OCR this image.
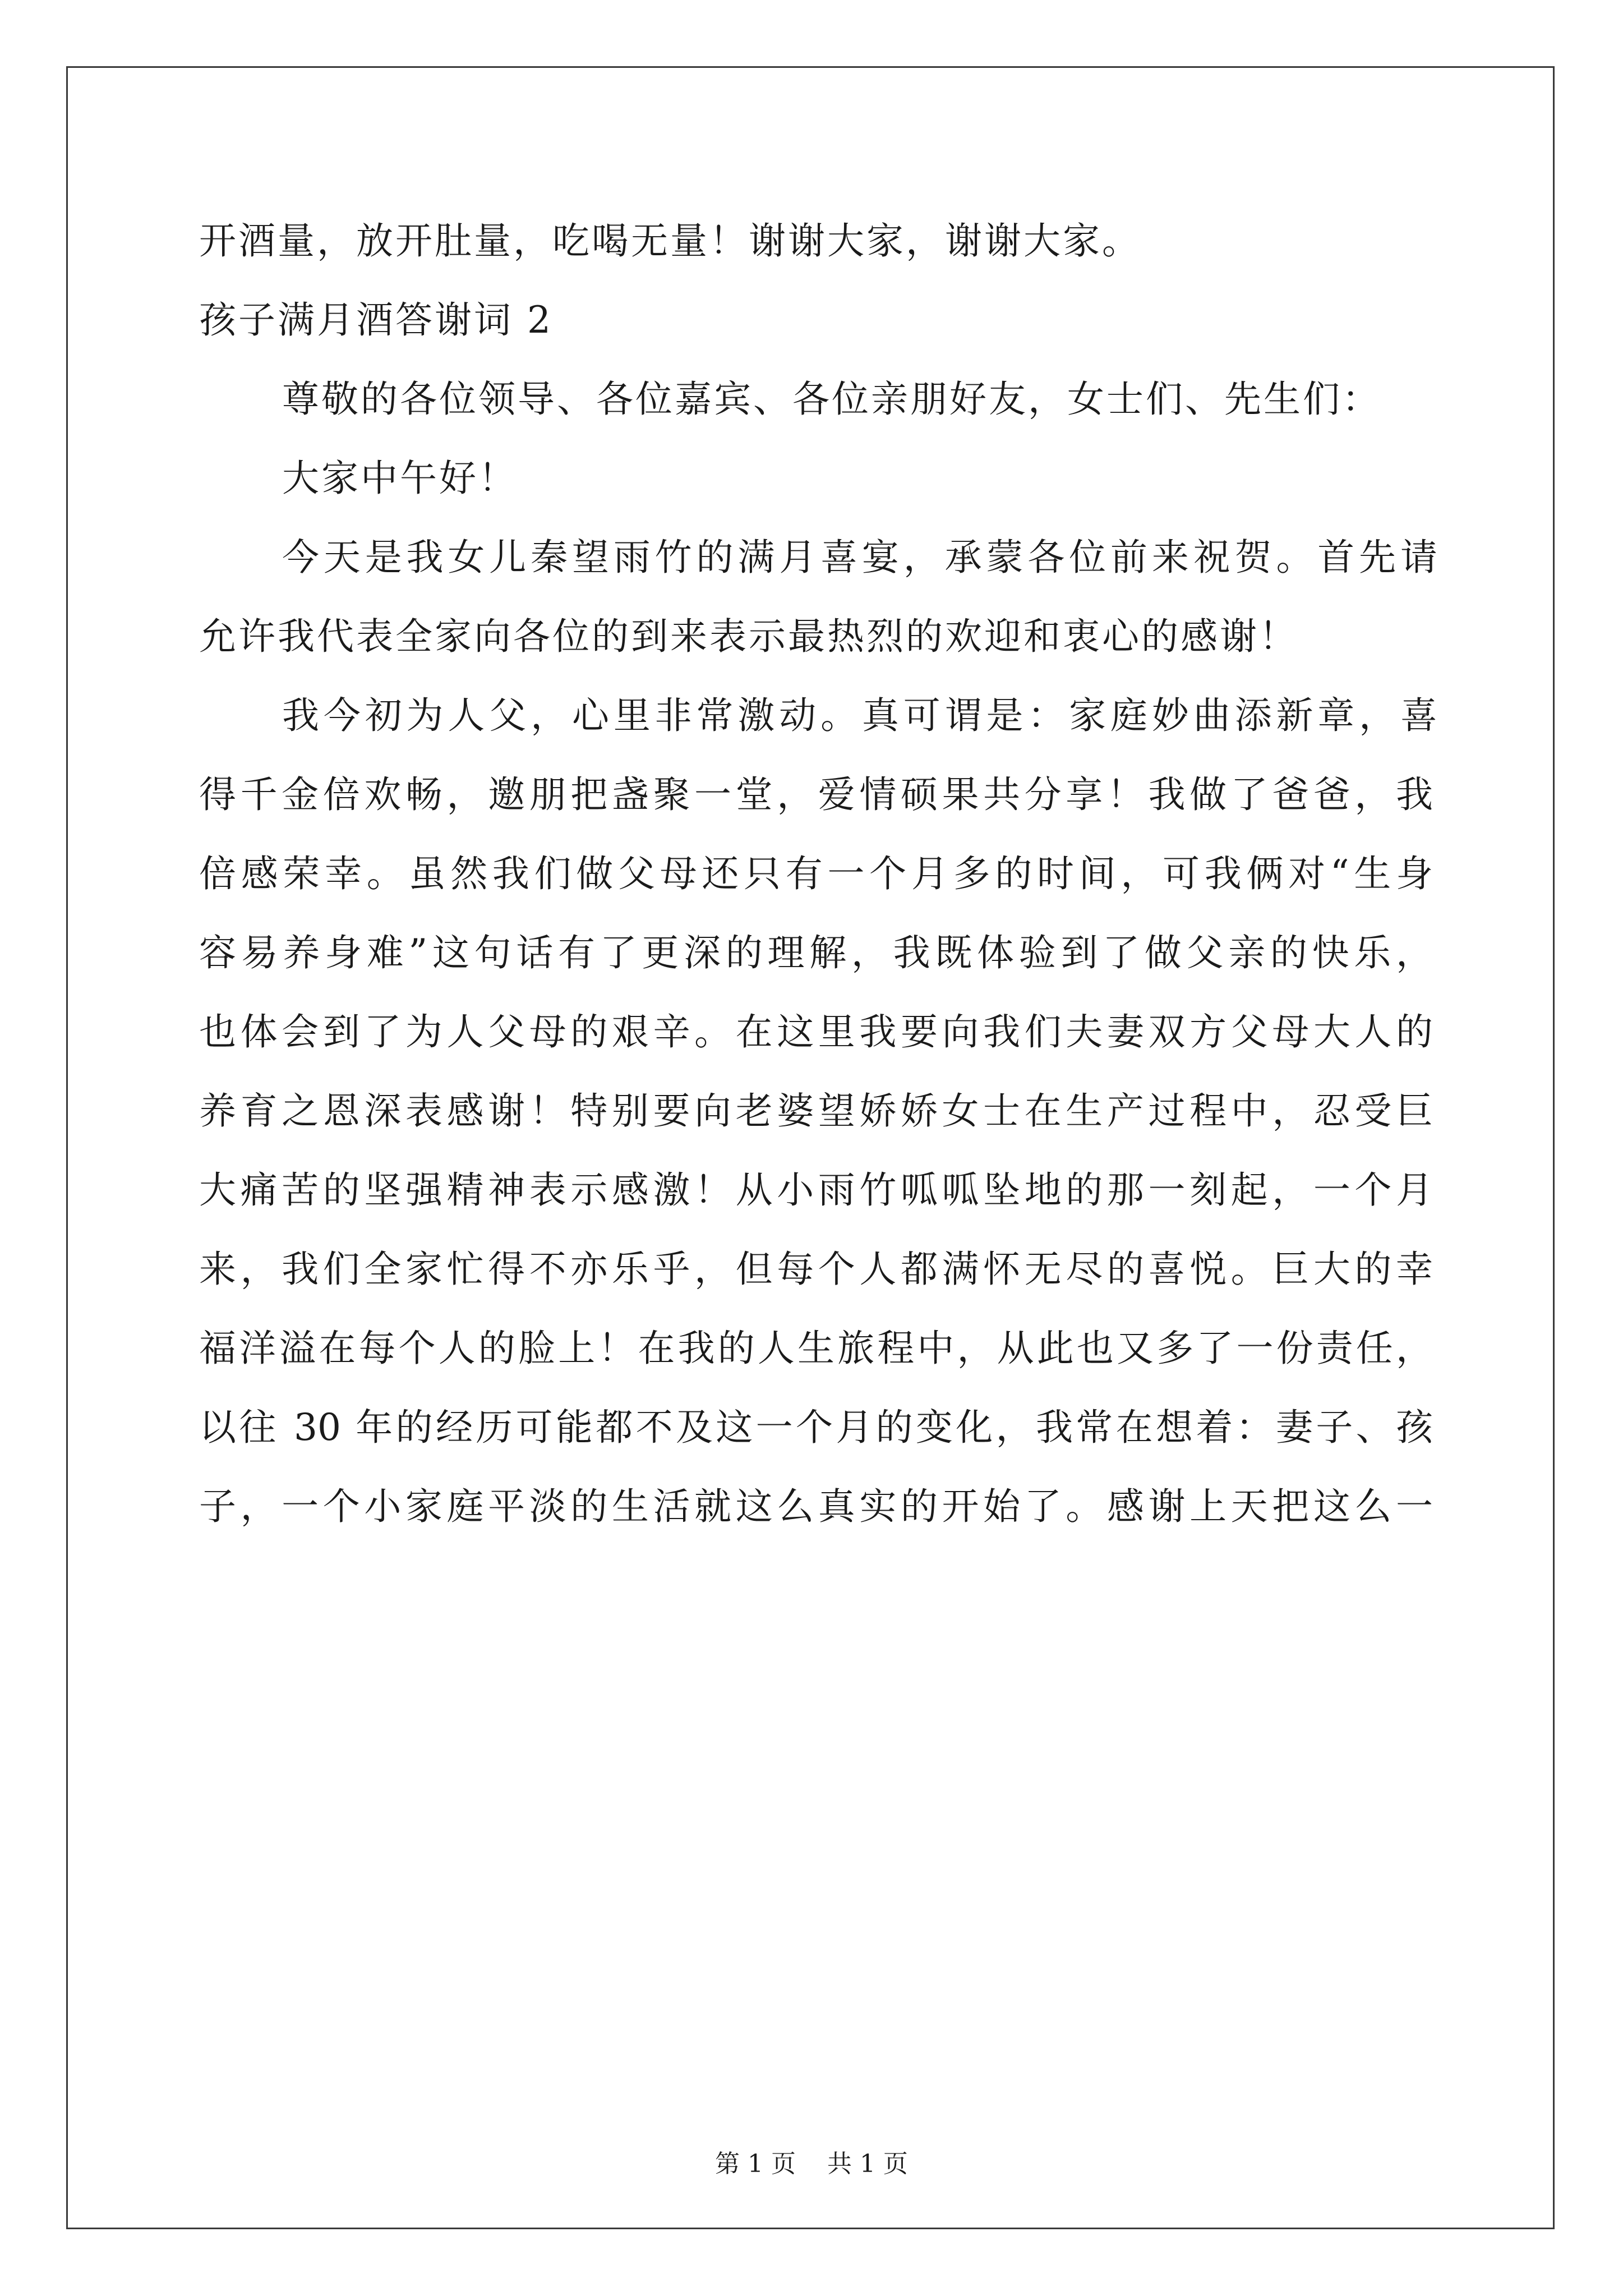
开酒量，放开肚量，吃喝无量！谢谢大家，谢谢大家。
孩子满月酒答谢词 2
尊敬的各位领导、各位嘉宾、各位亲朋好友，女士们、先生们：
大家中午好！
今天是我女儿秦望雨竹的满月喜宴，承蒙各位前来祝贺。首先请
允许我代表全家向各位的到来表示最热烈的欢迎和衷心的感谢！
我今初为人父，心里非常激动。真可谓是：家庭妙曲添新章，喜
得千金倍欢畅，邀朋把盏聚一堂，爱情硕果共分享！我做了爸爸，我
倍感荣幸。虽然我们做父母还只有一个月多的时间，可我俩对“生身
容易养身难”这句话有了更深的理解，我既体验到了做父亲的快乐，
也体会到了为人父母的艰辛。在这里我要向我们夫妻双方父母大人的
养育之恩深表感谢！特别要向老婆望娇娇女士在生产过程中，忍受巨
大痛苦的坚强精神表示感激！从小雨竹呱呱坠地的那一刻起，一个月
来，我们全家忙得不亦乐乎，但每个人都满怀无尽的喜悦。巨大的幸
福洋溢在每个人的脸上！在我的人生旅程中，从此也又多了一份责任，
以往 30 年的经历可能都不及这一个月的变化，我常在想着：妻子、孩
子，一个小家庭平淡的生活就这么真实的开始了。感谢上天把这么一
第 1 页    共 1 页
